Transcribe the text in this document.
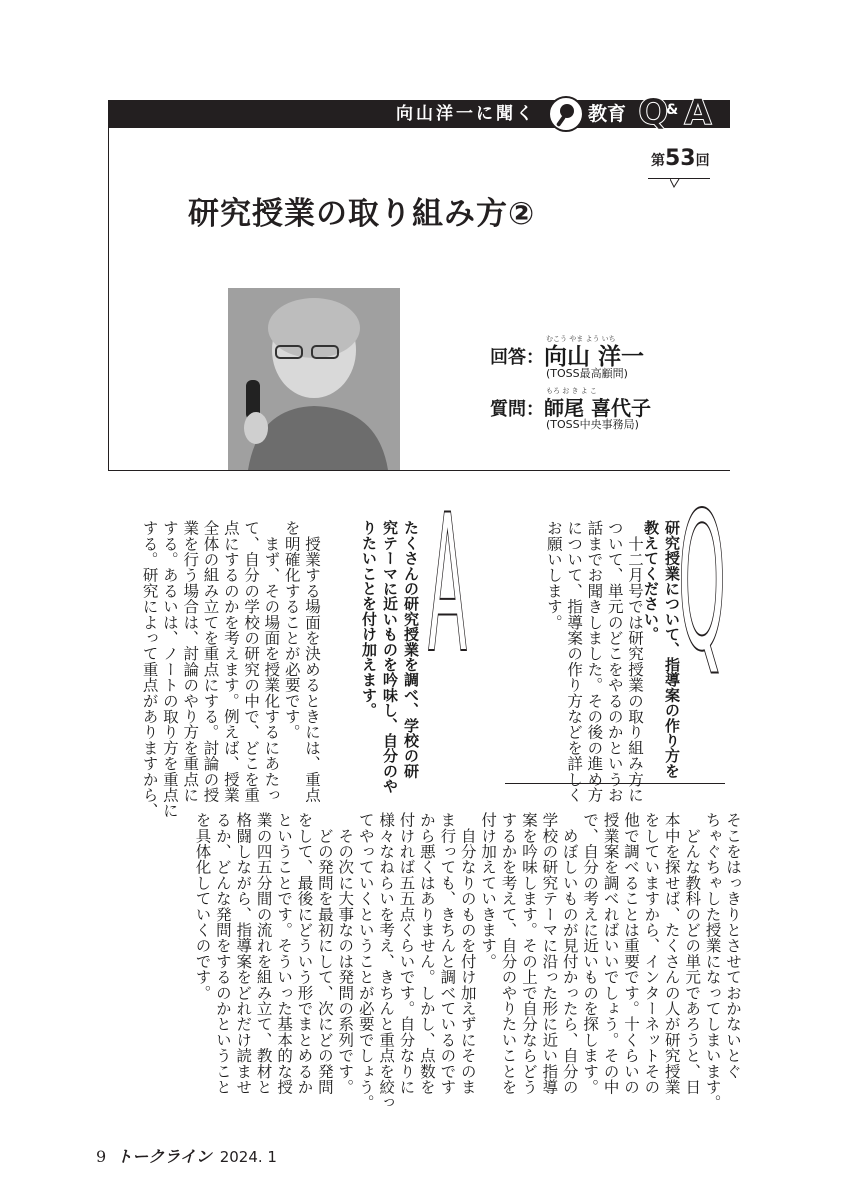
向山洋一に聞く	教育 Q
& A
第53回
研究授業の取り組み方②
むこう やま よう いち
回答： 向山 洋一
(TOSS最高顧問)
もろ お き よ こ
質問： 師尾 喜代子
(TOSS中央事務局)
Q
A	研究授業について、指導案の作り方を
教えてください。
　十二月号では研究授業の取り組み方に
ついて、単元のどこをやるのかというお
話までお聞きしました。その後の進め方
について、指導案の作り方などを詳しく
お願いします。
たくさんの研究授業を調べ、学校の研
究テーマに近いものを吟味し、自分のや
りたいことを付け加えます。
　授業する場面を決めるときには、重点
を明確化することが必要です。
　まず、その場面を授業化するにあたっ
て、自分の学校の研究の中で、どこを重
点にするのかを考えます。例えば、授業
全体の組み立てを重点にする。討論の授
業を行う場合は、討論のやり方を重点に
する。あるいは、ノートの取り方を重点に
する。研究によって重点がありますから、
そこをはっきりとさせておかないとぐ
ちゃぐちゃした授業になってしまいます。
　どんな教科のどの単元であろうと、日
本中を探せば、たくさんの人が研究授業
をしていますから、インターネットその
他で調べることは重要です。十くらいの
授業案を調べればいいでしょう。その中
で、自分の考えに近いものを探します。
　めぼしいものが見付かったら、自分の
学校の研究テーマに沿った形に近い指導
案を吟味します。その上で自分ならどう
するかを考えて、自分のやりたいことを
付け加えていきます。
　自分なりのものを付け加えずにそのま
ま行っても、きちんと調べているのです
から悪くはありません。しかし、点数を
付ければ五五点くらいです。自分なりに
様々なねらいを考え、きちんと重点を絞っ
てやっていくということが必要でしょう。
　その次に大事なのは発問の系列です。
　どの発問を最初にして、次にどの発問
をして、最後にどういう形でまとめるか
ということです。そういった基本的な授
業の四五分間の流れを組み立て、教材と
格闘しながら、指導案をどれだけ読ませ
るか、どんな発問をするのかということ
を具体化していくのです。
9 トークライン 2024. 1
